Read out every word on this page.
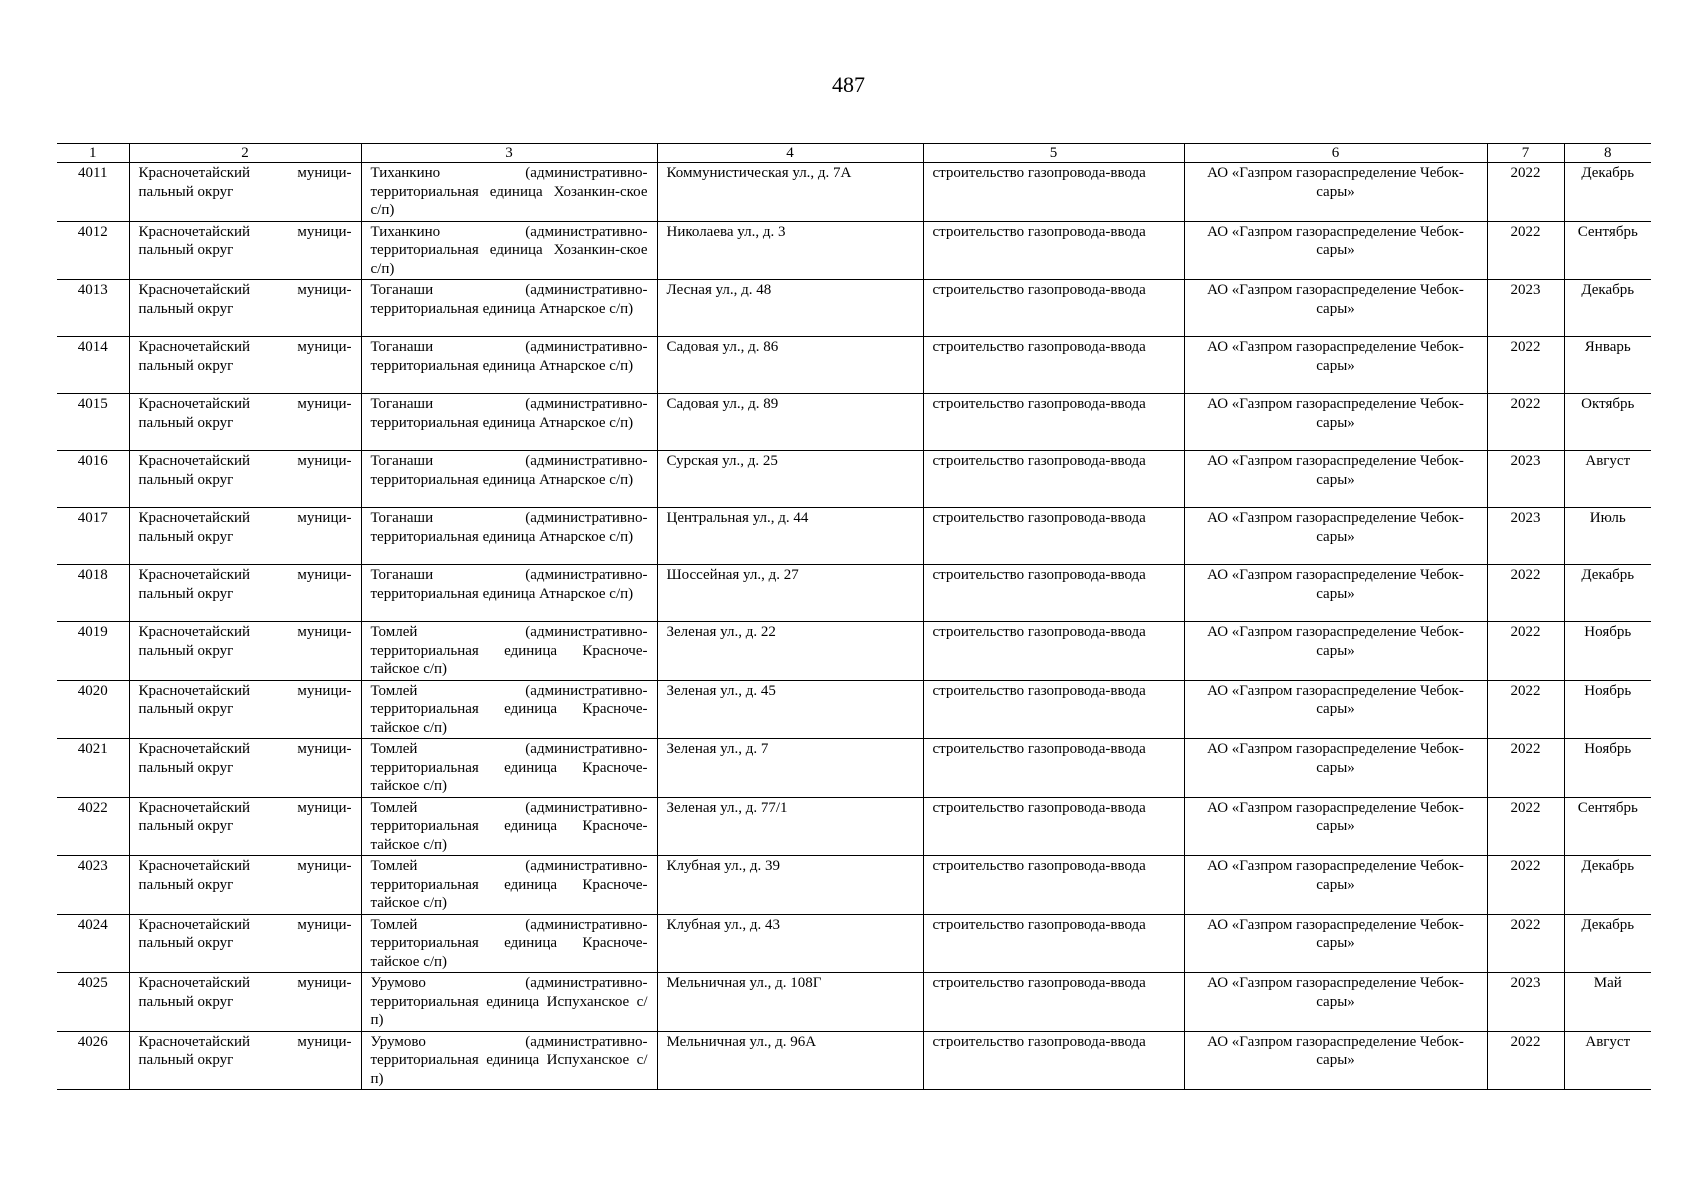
487
1	2	3	4	5	6	7	8
4011	Красночетайский муници-пальный округ	Тиханкино (административно-территориальная единица Хозанкин-ское с/п)	Коммунистическая ул., д. 7А	строительство газопровода-ввода	АО «Газпром газораспределение Чебок-сары»	2022	Декабрь
4012	Красночетайский муници-пальный округ	Тиханкино (административно-территориальная единица Хозанкин-ское с/п)	Николаева ул., д. 3	строительство газопровода-ввода	АО «Газпром газораспределение Чебок-сары»	2022	Сентябрь
4013	Красночетайский муници-пальный округ	Тоганаши (административно-территориальная единица Атнарское с/п)	Лесная ул., д. 48	строительство газопровода-ввода	АО «Газпром газораспределение Чебок-сары»	2023	Декабрь
4014	Красночетайский муници-пальный округ	Тоганаши (административно-территориальная единица Атнарское с/п)	Садовая ул., д. 86	строительство газопровода-ввода	АО «Газпром газораспределение Чебок-сары»	2022	Январь
4015	Красночетайский муници-пальный округ	Тоганаши (административно-территориальная единица Атнарское с/п)	Садовая ул., д. 89	строительство газопровода-ввода	АО «Газпром газораспределение Чебок-сары»	2022	Октябрь
4016	Красночетайский муници-пальный округ	Тоганаши (административно-территориальная единица Атнарское с/п)	Сурская ул., д. 25	строительство газопровода-ввода	АО «Газпром газораспределение Чебок-сары»	2023	Август
4017	Красночетайский муници-пальный округ	Тоганаши (административно-территориальная единица Атнарское с/п)	Центральная ул., д. 44	строительство газопровода-ввода	АО «Газпром газораспределение Чебок-сары»	2023	Июль
4018	Красночетайский муници-пальный округ	Тоганаши (административно-территориальная единица Атнарское с/п)	Шоссейная ул., д. 27	строительство газопровода-ввода	АО «Газпром газораспределение Чебок-сары»	2022	Декабрь
4019	Красночетайский муници-пальный округ	Томлей (административно-территориальная единица Красноче-тайское с/п)	Зеленая ул., д. 22	строительство газопровода-ввода	АО «Газпром газораспределение Чебок-сары»	2022	Ноябрь
4020	Красночетайский муници-пальный округ	Томлей (административно-территориальная единица Красноче-тайское с/п)	Зеленая ул., д. 45	строительство газопровода-ввода	АО «Газпром газораспределение Чебок-сары»	2022	Ноябрь
4021	Красночетайский муници-пальный округ	Томлей (административно-территориальная единица Красноче-тайское с/п)	Зеленая ул., д. 7	строительство газопровода-ввода	АО «Газпром газораспределение Чебок-сары»	2022	Ноябрь
4022	Красночетайский муници-пальный округ	Томлей (административно-территориальная единица Красноче-тайское с/п)	Зеленая ул., д. 77/1	строительство газопровода-ввода	АО «Газпром газораспределение Чебок-сары»	2022	Сентябрь
4023	Красночетайский муници-пальный округ	Томлей (административно-территориальная единица Красноче-тайское с/п)	Клубная ул., д. 39	строительство газопровода-ввода	АО «Газпром газораспределение Чебок-сары»	2022	Декабрь
4024	Красночетайский муници-пальный округ	Томлей (административно-территориальная единица Красноче-тайское с/п)	Клубная ул., д. 43	строительство газопровода-ввода	АО «Газпром газораспределение Чебок-сары»	2022	Декабрь
4025	Красночетайский муници-пальный округ	Урумово (административно-территориальная единица Испуханское с/п)	Мельничная ул., д. 108Г	строительство газопровода-ввода	АО «Газпром газораспределение Чебок-сары»	2023	Май
4026	Красночетайский муници-пальный округ	Урумово (административно-территориальная единица Испуханское с/п)	Мельничная ул., д. 96А	строительство газопровода-ввода	АО «Газпром газораспределение Чебок-сары»	2022	Август
